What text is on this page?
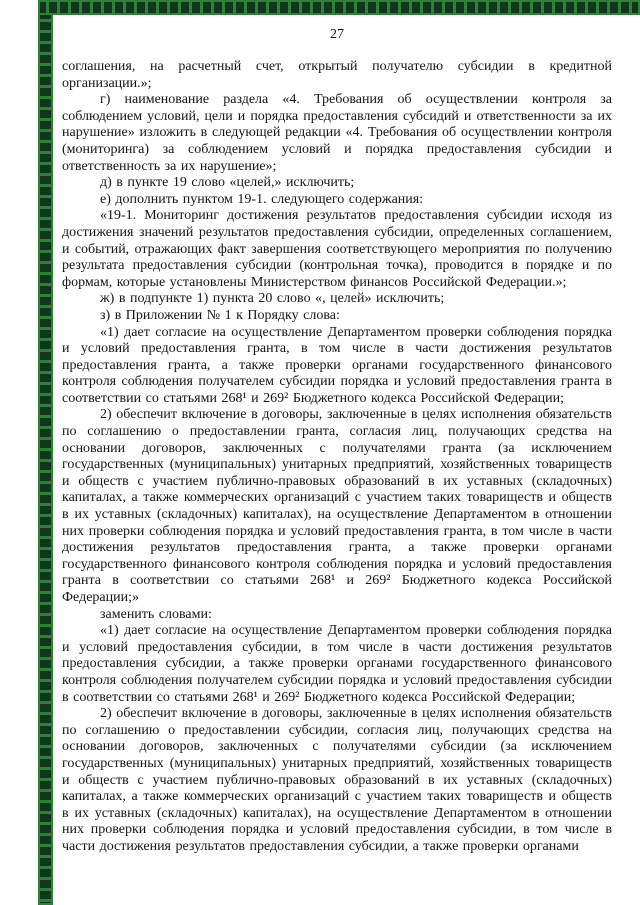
27

соглашения, на расчетный счет, открытый получателю субсидии в кредитной организации.»;

г) наименование раздела «4. Требования об осуществлении контроля за соблюдением условий, цели и порядка предоставления субсидий и ответственности за их нарушение» изложить в следующей редакции «4. Требования об осуществлении контроля (мониторинга) за соблюдением условий и порядка предоставления субсидии и ответственность за их нарушение»;

д) в пункте 19 слово «целей,» исключить;

е) дополнить пунктом 19-1. следующего содержания:

«19-1. Мониторинг достижения результатов предоставления субсидии исходя из достижения значений результатов предоставления субсидии, определенных соглашением, и событий, отражающих факт завершения соответствующего мероприятия по получению результата предоставления субсидии (контрольная точка), проводится в порядке и по формам, которые установлены Министерством финансов Российской Федерации.»;

ж) в подпункте 1) пункта 20 слово «, целей» исключить;

з) в Приложении № 1 к Порядку слова:

«1) дает согласие на осуществление Департаментом проверки соблюдения порядка и условий предоставления гранта, в том числе в части достижения результатов предоставления гранта, а также проверки органами государственного финансового контроля соблюдения получателем субсидии порядка и условий предоставления гранта в соответствии со статьями 268¹ и 269² Бюджетного кодекса Российской Федерации;

2) обеспечит включение в договоры, заключенные в целях исполнения обязательств по соглашению о предоставлении гранта, согласия лиц, получающих средства на основании договоров, заключенных с получателями гранта (за исключением государственных (муниципальных) унитарных предприятий, хозяйственных товариществ и обществ с участием публично-правовых образований в их уставных (складочных) капиталах, а также коммерческих организаций с участием таких товариществ и обществ в их уставных (складочных) капиталах), на осуществление Департаментом в отношении них проверки соблюдения порядка и условий предоставления гранта, в том числе в части достижения результатов предоставления гранта, а также проверки органами государственного финансового контроля соблюдения порядка и условий предоставления гранта в соответствии со статьями 268¹ и 269² Бюджетного кодекса Российской Федерации;»

заменить словами:

«1) дает согласие на осуществление Департаментом проверки соблюдения порядка и условий предоставления субсидии, в том числе в части достижения результатов предоставления субсидии, а также проверки органами государственного финансового контроля соблюдения получателем субсидии порядка и условий предоставления субсидии в соответствии со статьями 268¹ и 269² Бюджетного кодекса Российской Федерации;

2) обеспечит включение в договоры, заключенные в целях исполнения обязательств по соглашению о предоставлении субсидии, согласия лиц, получающих средства на основании договоров, заключенных с получателями субсидии (за исключением государственных (муниципальных) унитарных предприятий, хозяйственных товариществ и обществ с участием публично-правовых образований в их уставных (складочных) капиталах, а также коммерческих организаций с участием таких товариществ и обществ в их уставных (складочных) капиталах), на осуществление Департаментом в отношении них проверки соблюдения порядка и условий предоставления субсидии, в том числе в части достижения результатов предоставления субсидии, а также проверки органами
